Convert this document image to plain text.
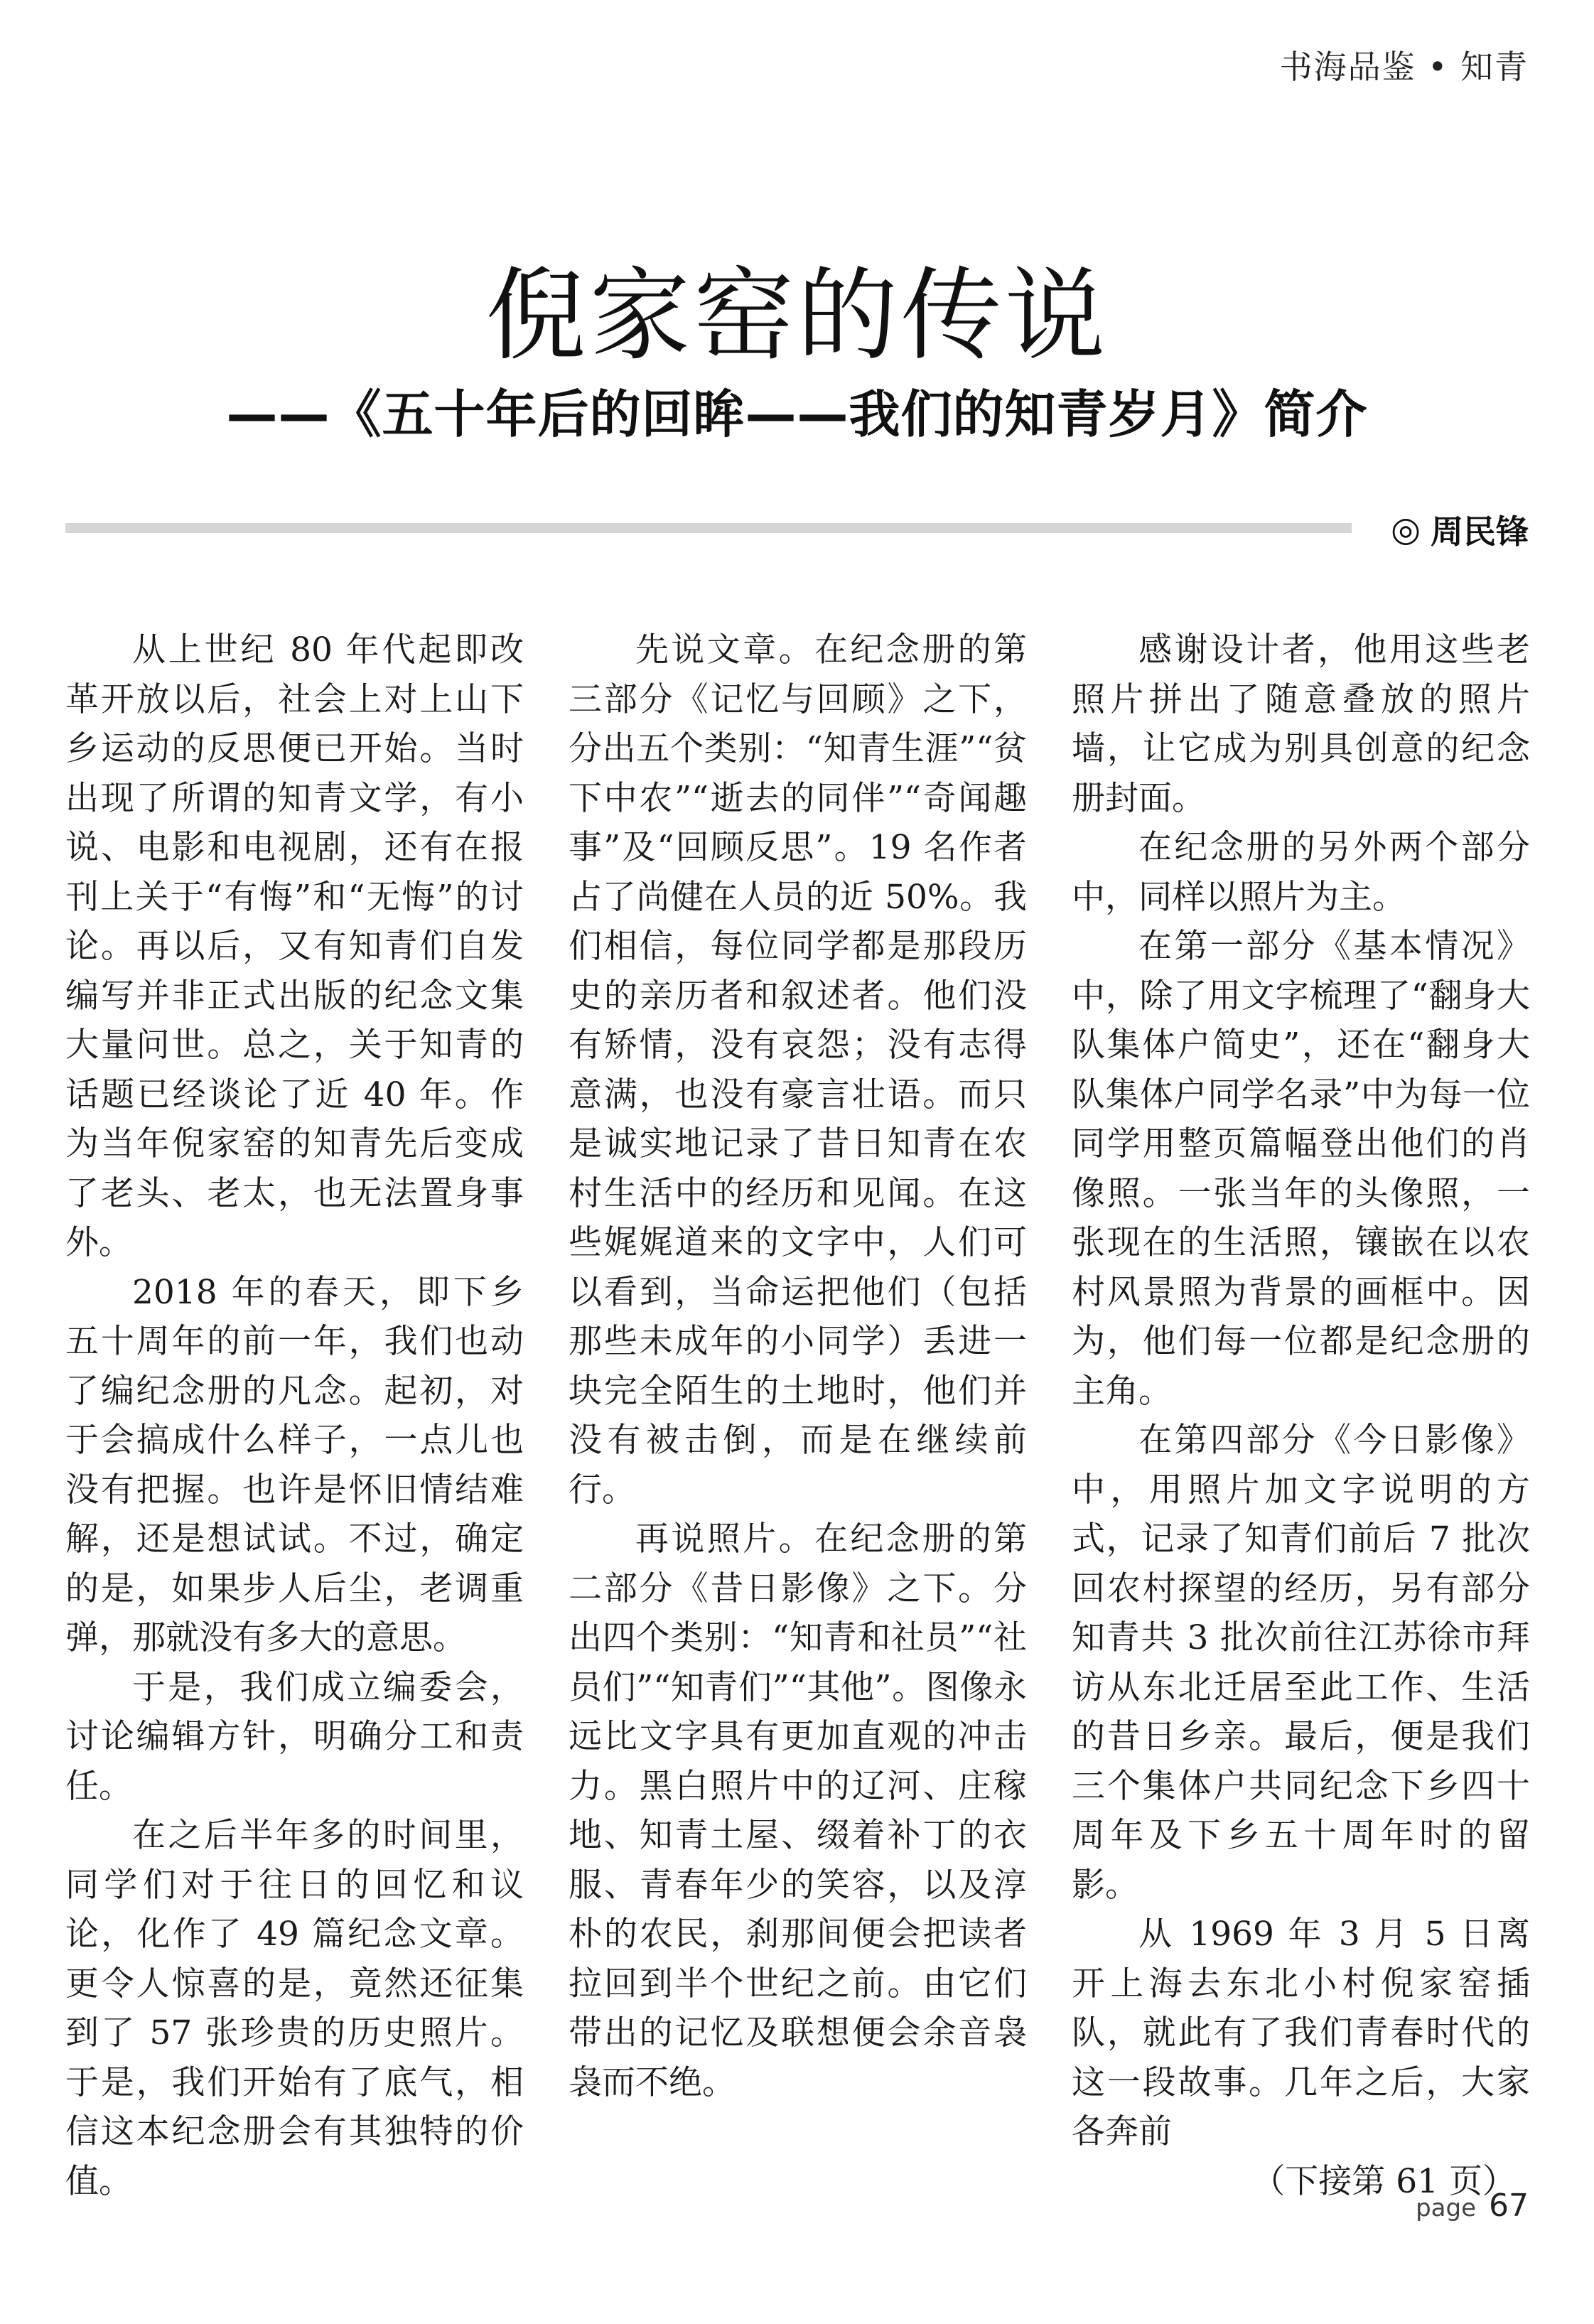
书海品鉴 • 知青
倪家窑的传说
——《五十年后的回眸——我们的知青岁月》简介
◎ 周民锋

从上世纪 80 年代起即改革开放以后，社会上对上山下乡运动的反思便已开始。当时出现了所谓的知青文学，有小说、电影和电视剧，还有在报刊上关于“有悔”和“无悔”的讨论。再以后，又有知青们自发编写并非正式出版的纪念文集大量问世。总之，关于知青的话题已经谈论了近 40 年。作为当年倪家窑的知青先后变成了老头、老太，也无法置身事外。

2018 年的春天，即下乡五十周年的前一年，我们也动了编纪念册的凡念。起初，对于会搞成什么样子，一点儿也没有把握。也许是怀旧情结难解，还是想试试。不过，确定的是，如果步人后尘，老调重弹，那就没有多大的意思。

于是，我们成立编委会，讨论编辑方针，明确分工和责任。

在之后半年多的时间里，同学们对于往日的回忆和议论，化作了 49 篇纪念文章。更令人惊喜的是，竟然还征集到了 57 张珍贵的历史照片。于是，我们开始有了底气，相信这本纪念册会有其独特的价值。

先说文章。在纪念册的第三部分《记忆与回顾》之下，分出五个类别：“知青生涯”“贫下中农”“逝去的同伴”“奇闻趣事”及“回顾反思”。19 名作者占了尚健在人员的近 50%。我们相信，每位同学都是那段历史的亲历者和叙述者。他们没有矫情，没有哀怨；没有志得意满，也没有豪言壮语。而只是诚实地记录了昔日知青在农村生活中的经历和见闻。在这些娓娓道来的文字中，人们可以看到，当命运把他们（包括那些未成年的小同学）丢进一块完全陌生的土地时，他们并没有被击倒，而是在继续前行。

再说照片。在纪念册的第二部分《昔日影像》之下。分出四个类别：“知青和社员”“社员们”“知青们”“其他”。图像永远比文字具有更加直观的冲击力。黑白照片中的辽河、庄稼地、知青土屋、缀着补丁的衣服、青春年少的笑容，以及淳朴的农民，刹那间便会把读者拉回到半个世纪之前。由它们带出的记忆及联想便会余音袅袅而不绝。

感谢设计者，他用这些老照片拼出了随意叠放的照片墙，让它成为别具创意的纪念册封面。

在纪念册的另外两个部分中，同样以照片为主。

在第一部分《基本情况》中，除了用文字梳理了“翻身大队集体户简史”，还在“翻身大队集体户同学名录”中为每一位同学用整页篇幅登出他们的肖像照。一张当年的头像照，一张现在的生活照，镶嵌在以农村风景照为背景的画框中。因为，他们每一位都是纪念册的主角。

在第四部分《今日影像》中，用照片加文字说明的方式，记录了知青们前后 7 批次回农村探望的经历，另有部分知青共 3 批次前往江苏徐市拜访从东北迁居至此工作、生活的昔日乡亲。最后，便是我们三个集体户共同纪念下乡四十周年及下乡五十周年时的留影。

从 1969 年 3 月 5 日离开上海去东北小村倪家窑插队，就此有了我们青春时代的这一段故事。几年之后，大家各奔前

（下接第 61 页）

page 67
